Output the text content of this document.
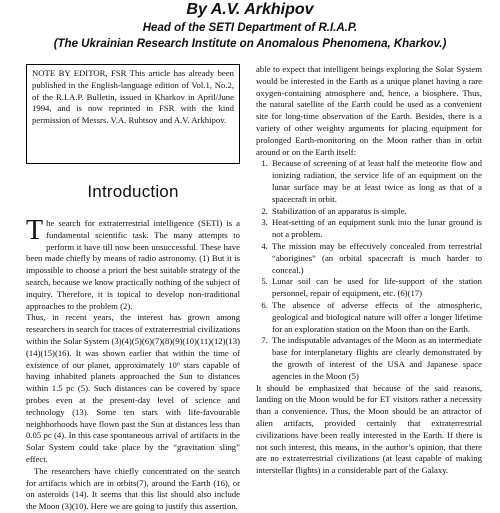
By A.V. Arkhipov
Head of the SETI Department of R.I.A.P.
(The Ukrainian Research Institute on Anomalous Phenomena, Kharkov.)
NOTE BY EDITOR, FSR This article has already been published in the English-language edition of Vol.1, No.2, of the R.I.A.P. Bulletin, issued in Kharkov in April/June 1994, and is now reprinted in FSR with the kind permission of Messrs. V.A. Rubtsov and A.V. Arkhipov.
Introduction

The search for extraterrestrial intelligence (SETI) is a fundamental scientific task. The many attempts to perform it have till now been unsuccessful. These have been made chiefly by means of radio astronomy. (1) But it is impossible to choose a priori the best suitable strategy of the search, because we know practically nothing of the subject of inquiry. Therefore, it is topical to develop non-traditional approaches to the problem (2).

Thus, in recent years, the interest has grown among researchers in search for traces of extraterrestrial civilizations within the Solar System (3)(4)(5)(6)(7)(8)(9)(10)(11)(12)(13)(14)(15)(16). It was shown earlier that within the time of existence of our planet, approximately 10⁶ stars capable of having inhabited planets approached the Sun to distances within 1.5 pc (5). Such distances can be covered by space probes even at the present-day level of science and technology (13). Some ten stars with life-favourable neighborhoods have flown past the Sun at distances less than 0.05 pc (4). In this case spontaneous arrival of artifacts in the Solar System could take place by the “gravitation sling” effect.

The researchers have chiefly concentrated on the search for artifacts which are in orbits(7), around the Earth (16), or on asteroids (14). It seems that this list should also include the Moon (3)(10). Here we are going to justify this assertion.

able to expect that intelligent beings exploring the Solar System would be interested in the Earth as a unique planet having a rare oxygen-containing atmosphere and, hence, a biosphere. Thus, the natural satellite of the Earth could be used as a convenient site for long-time observation of the Earth. Besides, there is a variety of other weighty arguments for placing equipment for prolonged Earth-monitoring on the Moon rather than in orbit around or on the Earth itself:

1. Because of screening of at least half the meteorite flow and ionizing radiation, the service life of an equipment on the lunar surface may be at least twice as long as that of a spacecraft in orbit.
2. Stabilization of an apparatus is simple.
3. Heat-setting of an equipment sunk into the lunar ground is not a problem.
4. The mission may be effectively concealed from terrestrial “aborigines” (an orbital spacecraft is much harder to conceal.)
5. Lunar soil can be used for life-support of the station personnel, repair of equipment, etc. (6)(17)
6. The absence of adverse effects of the atmospheric, geological and biological nature will offer a longer lifetime for an exploration station on the Moon than on the Earth.
7. The indisputable advantages of the Moon as an intermediate base for interplanetary flights are clearly demonstrated by the growth of interest of the USA and Japanese space agencies in the Moon (5)

It should be emphasized that because of the said reasons, landing on the Moon would be for ET visitors rather a necessity than a convenience. Thus, the Moon should be an attractor of alien artifacts, provided certainly that extraterrestrial civilizations have been really interested in the Earth. If there is not such interest, this means, in the author’s opinion, that there are no extraterrestrial civilizations (at least capable of making interstellar flights) in a considerable part of the Galaxy.
